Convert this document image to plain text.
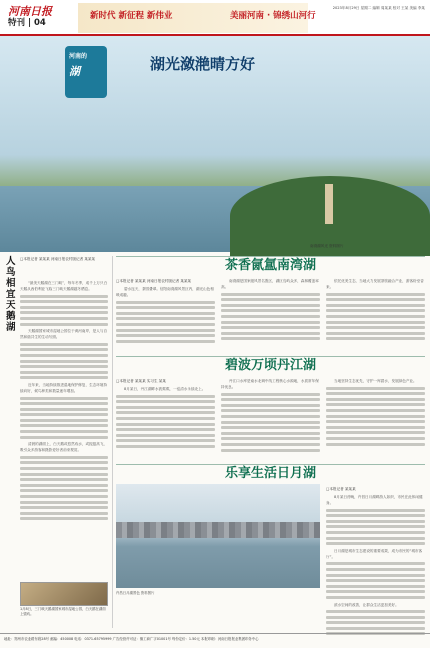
河南日报
特刊 | 04
新时代 新征程 新伟业	美丽河南 · 锦绣山河行
2023年8月29日 星期二 编辑 周某某 校对 王某 美编 李某
河南的
湖	湖光潋滟晴方好
南湾湖风光 资料图片
人鸟相宜天鹅湖
□本报记者 某某某 河南日报农村版记者 某某某

“最美天鹅湖在三门峡”，每年冬季，成千上万只白天鹅从西伯利亚飞临三门峡天鹅湖越冬栖息。

天鹅湖国家城市湿地公园位于黄河南岸，是人与自然和谐共生的生动写照。

近年来，当地持续推进湿地保护修复，生态环境持续向好，候鸟种类和数量逐年增加。

清晨的湖面上，白天鹅或悠然戏水，或振翅高飞，吸引众多游客和摄影爱好者前来观赏。

1月8日，三门峡天鹅湖国家城市湿地公园，白天鹅在湖面上嬉戏。
茶香氤氲南湾湖
□本报记者 某某某 河南日报农村版记者 某某某

碧水连天，茶园叠翠。信阳南湾湖风景区内，湖光山色相映成趣。

南湾湖是国家级风景名胜区，湖区岛屿众多，森林覆盖率高。

依托优美生态，当地大力发展茶旅融合产业，游客纷至沓来。

碧波万顷丹江湖
□本报记者 某某某 实习生 某某

8月某日，丹江湖畔水波粼粼，一泓清水永续北上。

丹江口水库是南水北调中线工程核心水源地，水质常年保持优良。

当地坚持生态优先，守护一库碧水，发展绿色产业。

乐享生活日月湖
许昌日月湖景色 资料图片
□本报记者 某某某

8月某日傍晚，许昌日月湖畔游人如织，市民在此休闲健身。

日月湖是城市生态建设的重要成果，成为市民的“城市客厅”。

滨水空间的改善，让群众生活更加美好。

地址：郑州市农业路东段28号 邮编：450008 电话：0371-65795999 广告经营许可证：豫工商广字01001号 每份定价：1.50元 本报印刷：河南日报报业集团印务中心
